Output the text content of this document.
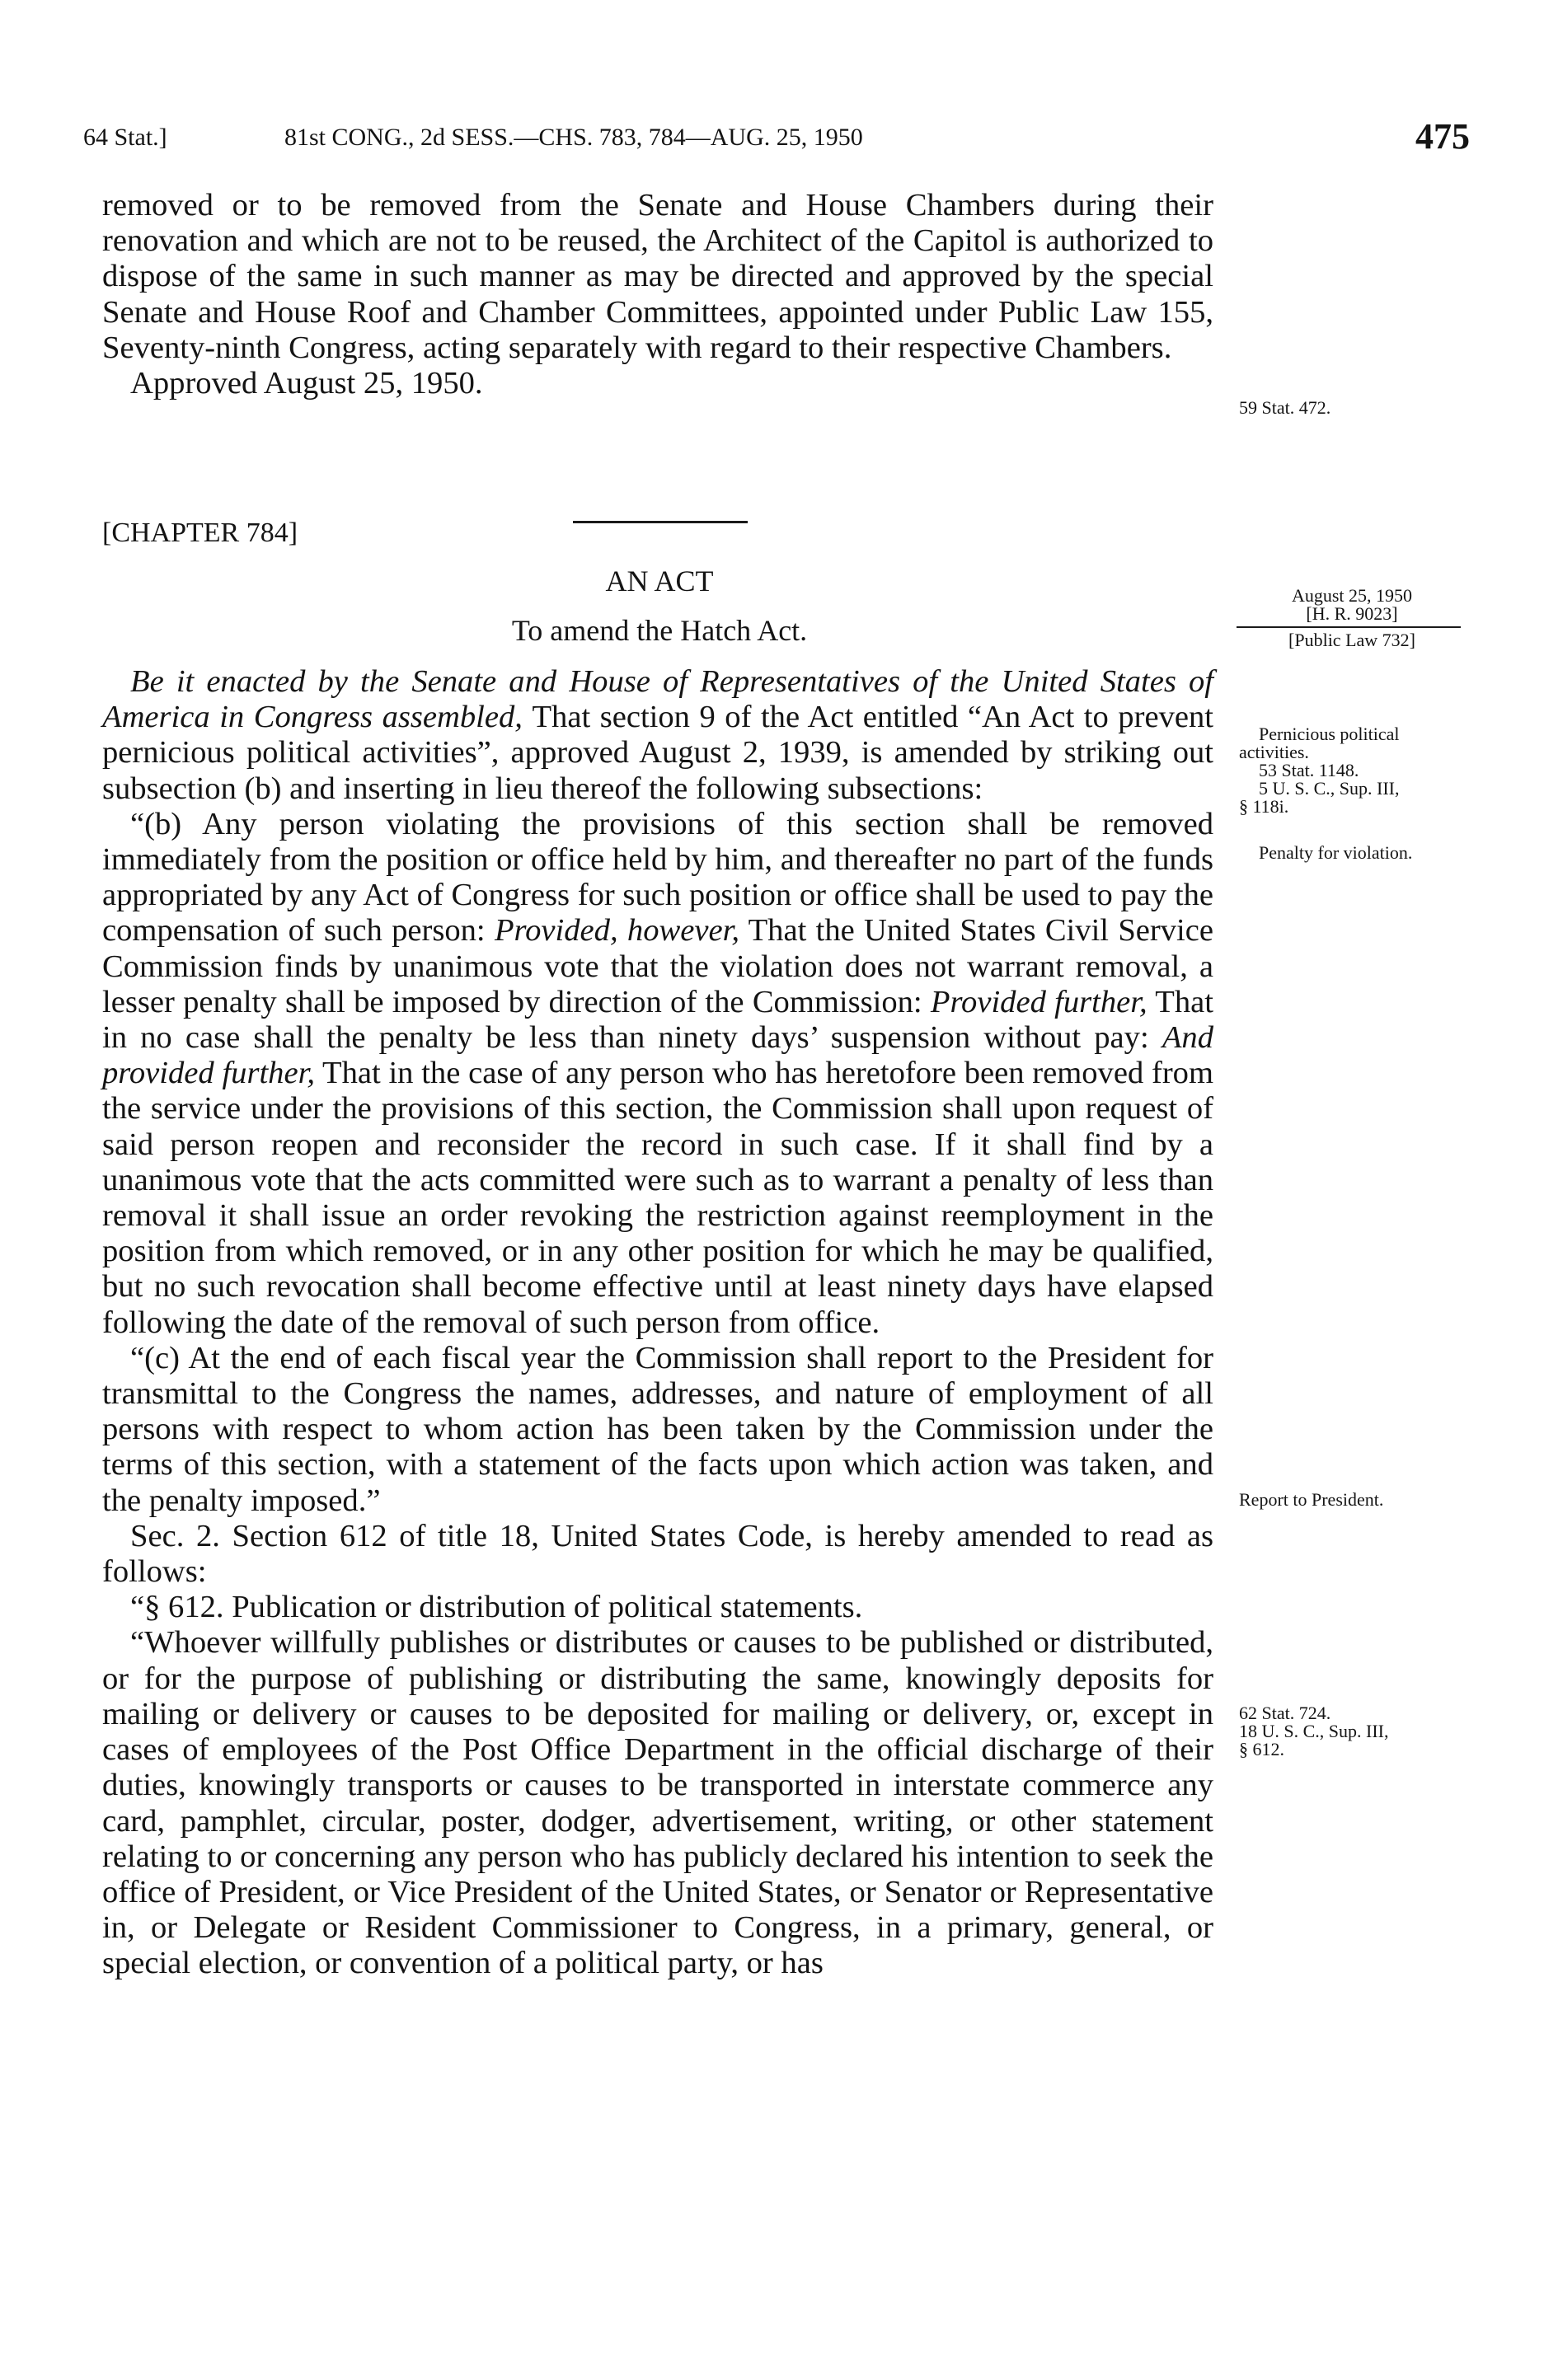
64 Stat.]	81st CONG., 2d SESS.—CHS. 783, 784—AUG. 25, 1950	475

removed or to be removed from the Senate and House Chambers during their renovation and which are not to be reused, the Architect of the Capitol is authorized to dispose of the same in such manner as may be directed and approved by the special Senate and House Roof and Chamber Committees, appointed under Public Law 155, Seventy-ninth Congress, acting separately with regard to their respective Chambers.

Approved August 25, 1950.

59 Stat. 472.
[CHAPTER 784]
AN ACT
To amend the Hatch Act.
August 25, 1950
[H. R. 9023]
[Public Law 732]

Be it enacted by the Senate and House of Representatives of the United States of America in Congress assembled, That section 9 of the Act entitled “An Act to prevent pernicious political activities”, approved August 2, 1939, is amended by striking out subsection (b) and inserting in lieu thereof the following subsections:

“(b) Any person violating the provisions of this section shall be removed immediately from the position or office held by him, and thereafter no part of the funds appropriated by any Act of Congress for such position or office shall be used to pay the compensation of such person: Provided, however, That the United States Civil Service Commission finds by unanimous vote that the violation does not warrant removal, a lesser penalty shall be imposed by direction of the Commission: Provided further, That in no case shall the penalty be less than ninety days’ suspension without pay: And provided further, That in the case of any person who has heretofore been removed from the service under the provisions of this section, the Commission shall upon request of said person reopen and reconsider the record in such case. If it shall find by a unanimous vote that the acts committed were such as to warrant a penalty of less than removal it shall issue an order revoking the restriction against reemployment in the position from which removed, or in any other position for which he may be qualified, but no such revocation shall become effective until at least ninety days have elapsed following the date of the removal of such person from office.

“(c) At the end of each fiscal year the Commission shall report to the President for transmittal to the Congress the names, addresses, and nature of employment of all persons with respect to whom action has been taken by the Commission under the terms of this section, with a statement of the facts upon which action was taken, and the penalty imposed.”

Sec. 2. Section 612 of title 18, United States Code, is hereby amended to read as follows:

“§ 612. Publication or distribution of political statements.

“Whoever willfully publishes or distributes or causes to be published or distributed, or for the purpose of publishing or distributing the same, knowingly deposits for mailing or delivery or causes to be deposited for mailing or delivery, or, except in cases of employees of the Post Office Department in the official discharge of their duties, knowingly transports or causes to be transported in interstate commerce any card, pamphlet, circular, poster, dodger, advertisement, writing, or other statement relating to or concerning any person who has publicly declared his intention to seek the office of President, or Vice President of the United States, or Senator or Representative in, or Delegate or Resident Commissioner to Congress, in a primary, general, or special election, or convention of a political party, or has

Pernicious political
activities.
53 Stat. 1148.
5 U. S. C., Sup. III,
§ 118i.
Penalty for violation.
Report to President.
62 Stat. 724.
18 U. S. C., Sup. III,
§ 612.
